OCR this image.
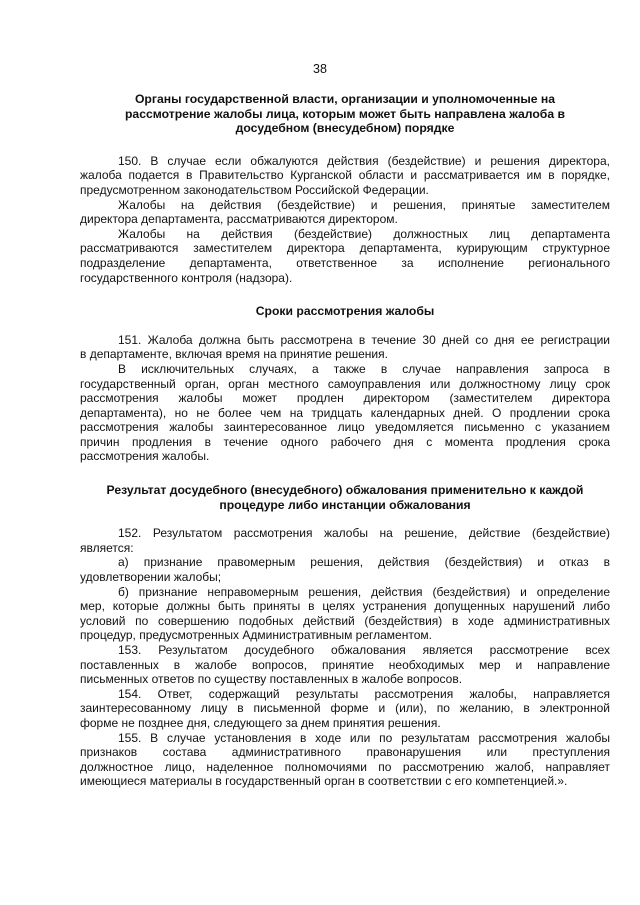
38
Органы государственной власти, организации и уполномоченные на
рассмотрение жалобы лица, которым может быть направлена жалоба в
досудебном (внесудебном) порядке
150. В случае если обжалуются действия (бездействие) и решения директора,
жалоба подается в Правительство Курганской области и рассматривается им в порядке,
предусмотренном законодательством Российской Федерации.
Жалобы на действия (бездействие) и решения, принятые заместителем
директора департамента, рассматриваются директором.
Жалобы на действия (бездействие) должностных лиц департамента
рассматриваются заместителем директора департамента, курирующим структурное
подразделение департамента, ответственное за исполнение регионального
государственного контроля (надзора).
Сроки рассмотрения жалобы
151. Жалоба должна быть рассмотрена в течение 30 дней со дня ее регистрации
в департаменте, включая время на принятие решения.
В исключительных случаях, а также в случае направления запроса в
государственный орган, орган местного самоуправления или должностному лицу срок
рассмотрения жалобы может продлен директором (заместителем директора
департамента), но не более чем на тридцать календарных дней. О продлении срока
рассмотрения жалобы заинтересованное лицо уведомляется письменно с указанием
причин продления в течение одного рабочего дня с момента продления срока
рассмотрения жалобы.
Результат досудебного (внесудебного) обжалования применительно к каждой
процедуре либо инстанции обжалования
152. Результатом рассмотрения жалобы на решение, действие (бездействие)
является:
а) признание правомерным решения, действия (бездействия) и отказ в
удовлетворении жалобы;
б) признание неправомерным решения, действия (бездействия) и определение
мер, которые должны быть приняты в целях устранения допущенных нарушений либо
условий по совершению подобных действий (бездействия) в ходе административных
процедур, предусмотренных Административным регламентом.
153. Результатом досудебного обжалования является рассмотрение всех
поставленных в жалобе вопросов, принятие необходимых мер и направление
письменных ответов по существу поставленных в жалобе вопросов.
154. Ответ, содержащий результаты рассмотрения жалобы, направляется
заинтересованному лицу в письменной форме и (или), по желанию, в электронной
форме не позднее дня, следующего за днем принятия решения.
155. В случае установления в ходе или по результатам рассмотрения жалобы
признаков состава административного правонарушения или преступления
должностное лицо, наделенное полномочиями по рассмотрению жалоб, направляет
имеющиеся материалы в государственный орган в соответствии с его компетенцией.».
